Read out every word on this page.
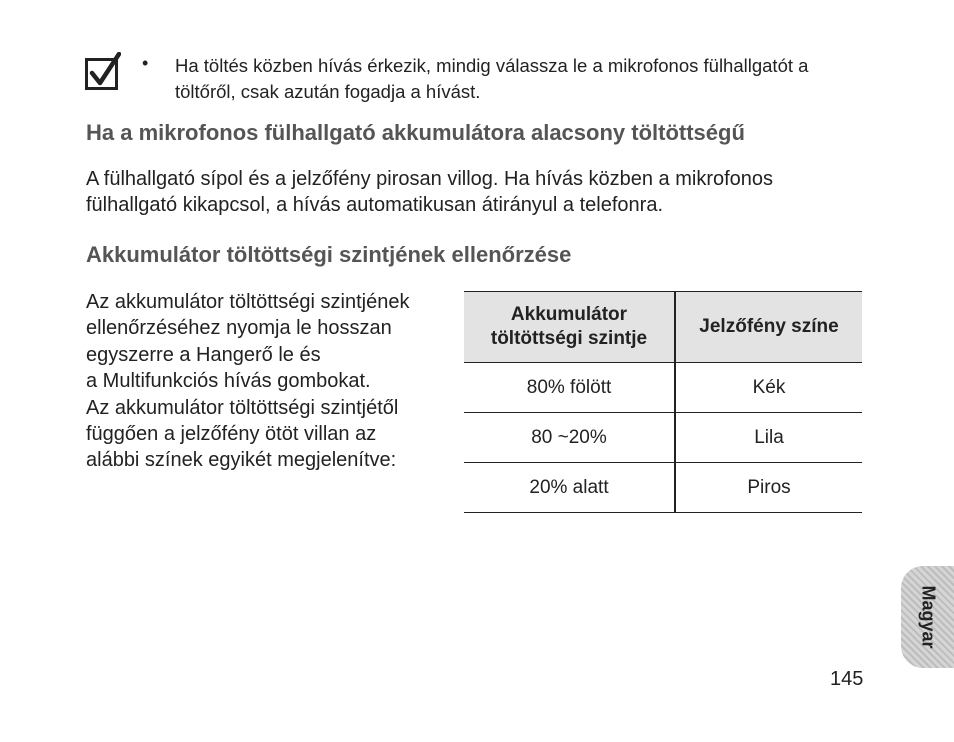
• Ha töltés közben hívás érkezik, mindig válassza le a mikrofonos fülhallgatót a töltőről, csak azután fogadja a hívást.
Ha a mikrofonos fülhallgató akkumulátora alacsony töltöttségű
A fülhallgató sípol és a jelzőfény pirosan villog. Ha hívás közben a mikrofonos fülhallgató kikapcsol, a hívás automatikusan átirányul a telefonra.
Akkumulátor töltöttségi szintjének ellenőrzése
Az akkumulátor töltöttségi szintjének
ellenőrzéséhez nyomja le hosszan
egyszerre a Hangerő le és
a Multifunkciós hívás gombokat.
Az akkumulátor töltöttségi szintjétől
függően a jelzőfény ötöt villan az
alábbi színek egyikét megjelenítve:
Akkumulátor töltöttségi szintje	Jelzőfény színe
80% fölött	Kék
80 ~20%	Lila
20% alatt	Piros
Magyar
145
